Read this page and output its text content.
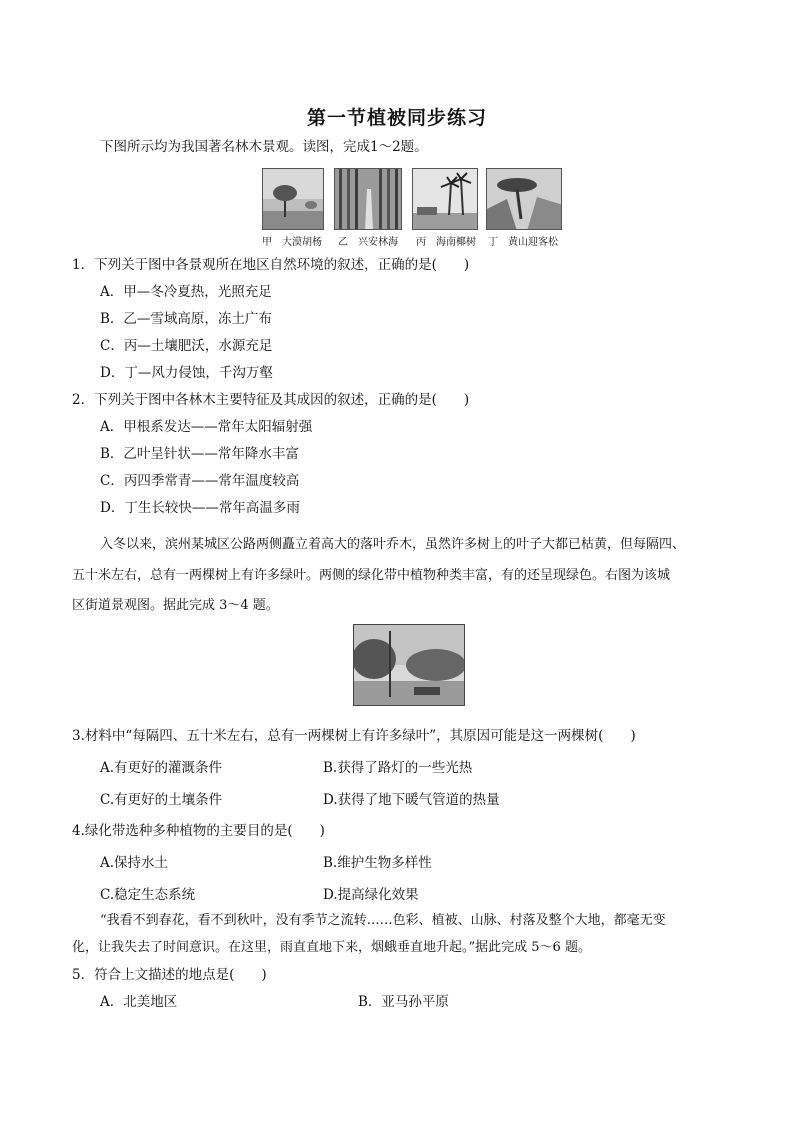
第一节植被同步练习
下图所示均为我国著名林木景观。读图，完成1～2题。
甲　大漠胡杨 乙　兴安林海 丙　海南椰树 丁　黄山迎客松
1．下列关于图中各景观所在地区自然环境的叙述，正确的是(　　)
A．甲—冬冷夏热，光照充足
B．乙—雪域高原，冻土广布
C．丙—土壤肥沃，水源充足
D．丁—风力侵蚀，千沟万壑
2．下列关于图中各林木主要特征及其成因的叙述，正确的是(　　)
A．甲根系发达——常年太阳辐射强
B．乙叶呈针状——常年降水丰富
C．丙四季常青——常年温度较高
D．丁生长较快——常年高温多雨
入冬以来，滨州某城区公路两侧矗立着高大的落叶乔木，虽然许多树上的叶子大都已枯黄，但每隔四、
五十米左右，总有一两棵树上有许多绿叶。两侧的绿化带中植物种类丰富，有的还呈现绿色。右图为该城
区街道景观图。据此完成 3～4 题。
3.材料中“每隔四、五十米左右，总有一两棵树上有许多绿叶”，其原因可能是这一两棵树(　　)
A.有更好的灌溉条件	B.获得了路灯的一些光热
C.有更好的土壤条件	D.获得了地下暖气管道的热量
4.绿化带选种多种植物的主要目的是(　　)
A.保持水土	B.维护生物多样性
C.稳定生态系统	D.提高绿化效果
“我看不到春花，看不到秋叶，没有季节之流转……色彩、植被、山脉、村落及整个大地，都毫无变
化，让我失去了时间意识。在这里，雨直直地下来，烟蛾垂直地升起。”据此完成 5～6 题。
5．符合上文描述的地点是(　　)
A．北美地区	B．亚马孙平原
